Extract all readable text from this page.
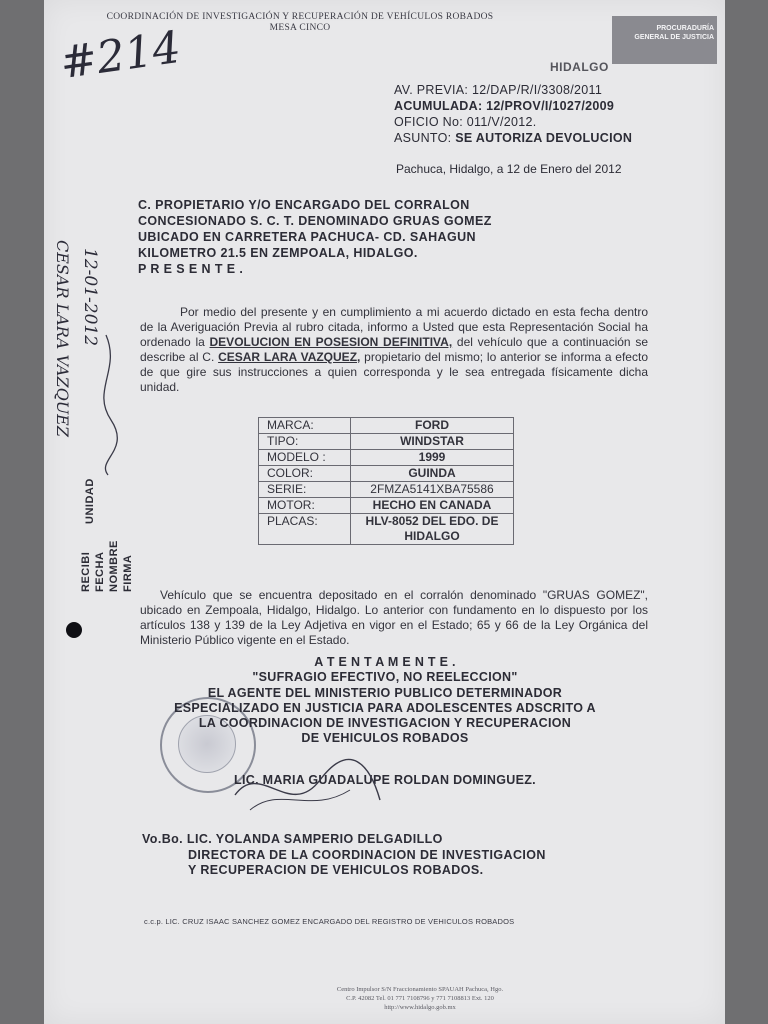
COORDINACIÓN DE INVESTIGACIÓN Y RECUPERACIÓN DE VEHÍCULOS ROBADOS
MESA CINCO	PROCURADURÍA
GENERAL DE JUSTICIA
HIDALGO
#214
AV. PREVIA: 12/DAP/R/I/3308/2011
ACUMULADA: 12/PROV/I/1027/2009
OFICIO No: 011/V/2012.
ASUNTO: SE AUTORIZA DEVOLUCION
Pachuca, Hidalgo, a 12 de Enero del 2012
C. PROPIETARIO Y/O ENCARGADO DEL CORRALON
CONCESIONADO S. C. T. DENOMINADO GRUAS GOMEZ
UBICADO EN CARRETERA PACHUCA- CD. SAHAGUN
KILOMETRO 21.5 EN ZEMPOALA, HIDALGO.
P R E S E N T E .
Por medio del presente y en cumplimiento a mi acuerdo dictado en esta fecha dentro de la Averiguación Previa al rubro citada, informo a Usted que esta Representación Social ha ordenado la DEVOLUCION EN POSESION DEFINITIVA, del vehículo que a continuación se describe al C. CESAR LARA VAZQUEZ, propietario del mismo; lo anterior se informa a efecto de que gire sus instrucciones a quien corresponda y le sea entregada físicamente dicha unidad.
MARCA:	FORD
TIPO:	WINDSTAR
MODELO :	1999
COLOR:	GUINDA
SERIE:	2FMZA5141XBA75586
MOTOR:	HECHO EN CANADA
PLACAS:	HLV-8052 DEL EDO. DE HIDALGO
Vehículo que se encuentra depositado en el corralón denominado "GRUAS GOMEZ", ubicado en Zempoala, Hidalgo, Hidalgo. Lo anterior con fundamento en lo dispuesto por los artículos 138 y 139 de la Ley Adjetiva en vigor en el Estado; 65 y 66 de la Ley Orgánica del Ministerio Público vigente en el Estado.
A T E N T A M E N T E .
"SUFRAGIO EFECTIVO, NO REELECCION"
EL AGENTE DEL MINISTERIO PUBLICO DETERMINADOR
ESPECIALIZADO EN JUSTICIA PARA ADOLESCENTES ADSCRITO A
LA COORDINACION DE INVESTIGACION Y RECUPERACION
DE VEHICULOS ROBADOS
LIC. MARIA GUADALUPE ROLDAN DOMINGUEZ.
Vo.Bo. LIC. YOLANDA SAMPERIO DELGADILLO
DIRECTORA DE LA COORDINACION DE INVESTIGACION
Y RECUPERACION DE VEHICULOS ROBADOS.
c.c.p. LIC. CRUZ ISAAC SANCHEZ GOMEZ ENCARGADO DEL REGISTRO DE VEHICULOS ROBADOS
UNIDAD
RECIBI FECHA NOMBRE FIRMA
CESAR LARA VAZQUEZ 12-01-2012
Centro Impulsor S/N Fraccionamiento SPAUAH Pachuca, Hgo.
C.P. 42082 Tel. 01 771 7108796 y 771 7108813 Ext. 120
http://www.hidalgo.gob.mx
